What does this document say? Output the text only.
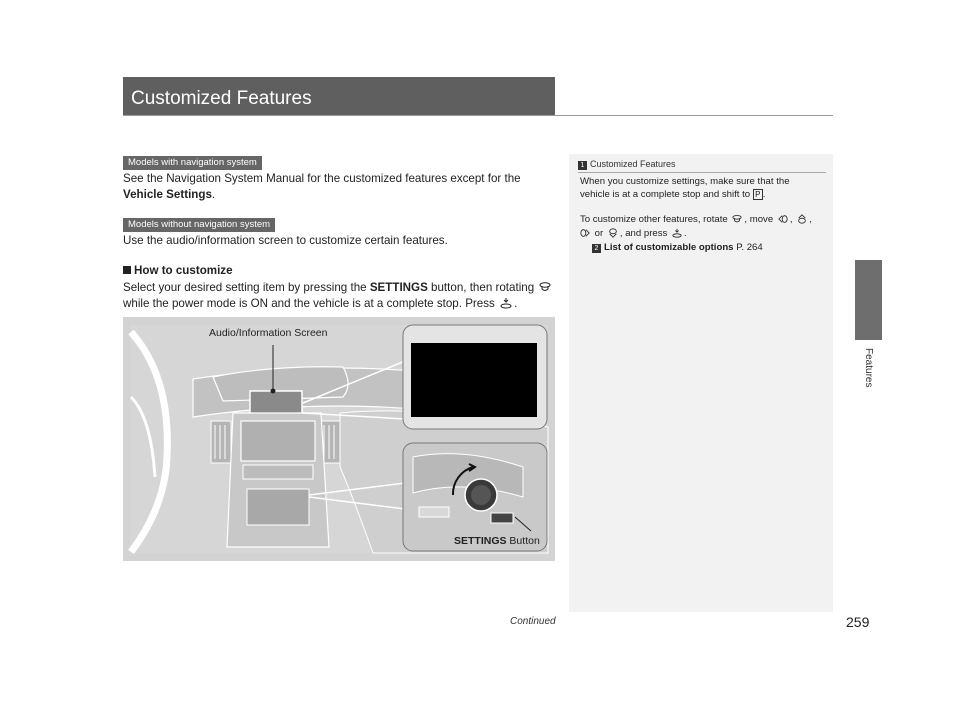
Customized Features
Features
Models with navigation system
See the Navigation System Manual for the customized features except for the
Vehicle Settings.
Models without navigation system
Use the audio/information screen to customize certain features.
How to customize
Select your desired setting item by pressing the SETTINGS button, then rotating
while the power mode is ON and the vehicle is at a complete stop. Press .
Audio/Information Screen
SETTINGS Button
1 Customized Features
When you customize settings, make sure that the
vehicle is at a complete stop and shift to P .
To customize other features, rotate , move , ,
or , and press .
2 List of customizable options P. 264
Continued	259
